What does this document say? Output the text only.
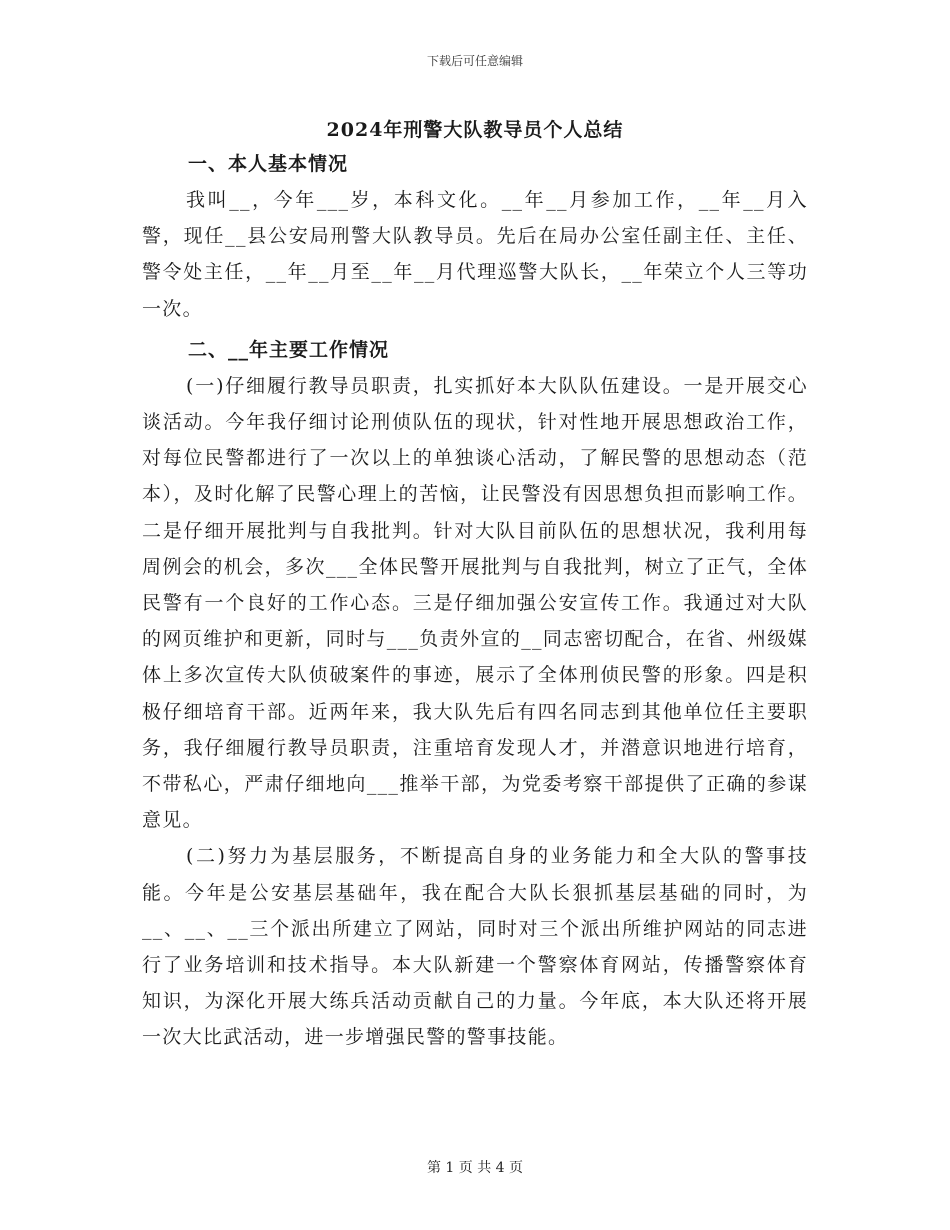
下载后可任意编辑
2024年刑警大队教导员个人总结
一、本人基本情况

我叫__，今年___岁，本科文化。__年__月参加工作，__年__月入警，现任__县公安局刑警大队教导员。先后在局办公室任副主任、主任、警令处主任，__年__月至__年__月代理巡警大队长，__年荣立个人三等功一次。

二、__年主要工作情况

(一)仔细履行教导员职责，扎实抓好本大队队伍建设。一是开展交心谈活动。今年我仔细讨论刑侦队伍的现状，针对性地开展思想政治工作，对每位民警都进行了一次以上的单独谈心活动，了解民警的思想动态（范本），及时化解了民警心理上的苦恼，让民警没有因思想负担而影响工作。二是仔细开展批判与自我批判。针对大队目前队伍的思想状况，我利用每周例会的机会，多次___全体民警开展批判与自我批判，树立了正气，全体民警有一个良好的工作心态。三是仔细加强公安宣传工作。我通过对大队的网页维护和更新，同时与___负责外宣的__同志密切配合，在省、州级媒体上多次宣传大队侦破案件的事迹，展示了全体刑侦民警的形象。四是积极仔细培育干部。近两年来，我大队先后有四名同志到其他单位任主要职务，我仔细履行教导员职责，注重培育发现人才，并潜意识地进行培育，不带私心，严肃仔细地向___推举干部，为党委考察干部提供了正确的参谋意见。

(二)努力为基层服务，不断提高自身的业务能力和全大队的警事技能。今年是公安基层基础年，我在配合大队长狠抓基层基础的同时，为__、__、__三个派出所建立了网站，同时对三个派出所维护网站的同志进行了业务培训和技术指导。本大队新建一个警察体育网站，传播警察体育知识，为深化开展大练兵活动贡献自己的力量。今年底，本大队还将开展一次大比武活动，进一步增强民警的警事技能。

第 1 页 共 4 页
